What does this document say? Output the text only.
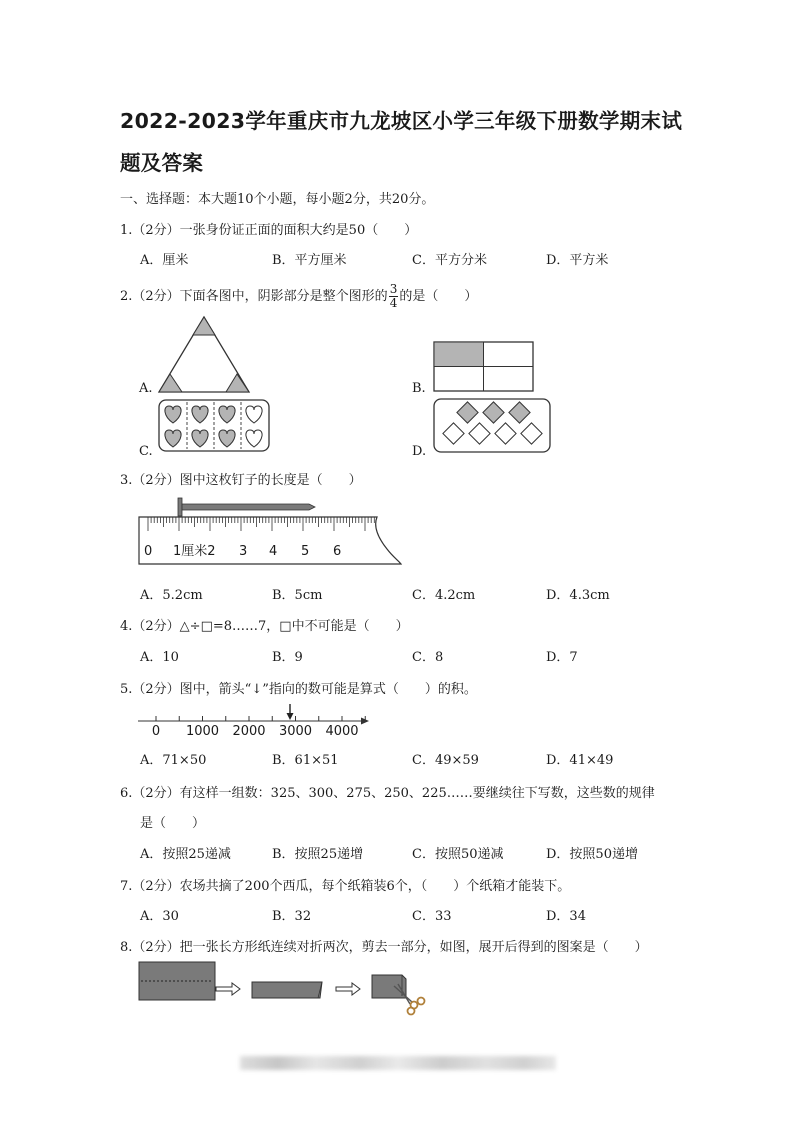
2022-2023学年重庆市九龙坡区小学三年级下册数学期末试
题及答案
一、选择题：本大题10个小题，每小题2分，共20分。
1.（2分）一张身份证正面的面积大约是50（　　）
A．厘米	B．平方厘米	C．平方分米	D．平方米
2.（2分）下面各图中，阴影部分是整个图形的 $\frac{3}{4}$ 的是（　　）
A.	B.
C.	D.
3.（2分）图中这枚钉子的长度是（　　）
0 1厘米2 3 4 5 6
A．5.2cm	B．5cm	C．4.2cm	D．4.3cm
4.（2分）△÷□=8……7，□中不可能是（　　）
A．10	B．9	C．8	D．7
5.（2分）图中，箭头“↓”指向的数可能是算式（　　）的积。
0 1000 2000 3000 4000
A．71×50	B．61×51	C．49×59	D．41×49
6.（2分）有这样一组数：325、300、275、250、225……要继续往下写数，这些数的规律
是（　　）
A．按照25递减	B．按照25递增	C．按照50递减	D．按照50递增
7.（2分）农场共摘了200个西瓜，每个纸箱装6个，（　　）个纸箱才能装下。
A．30	B．32	C．33	D．34
8.（2分）把一张长方形纸连续对折两次，剪去一部分，如图，展开后得到的图案是（　　）
